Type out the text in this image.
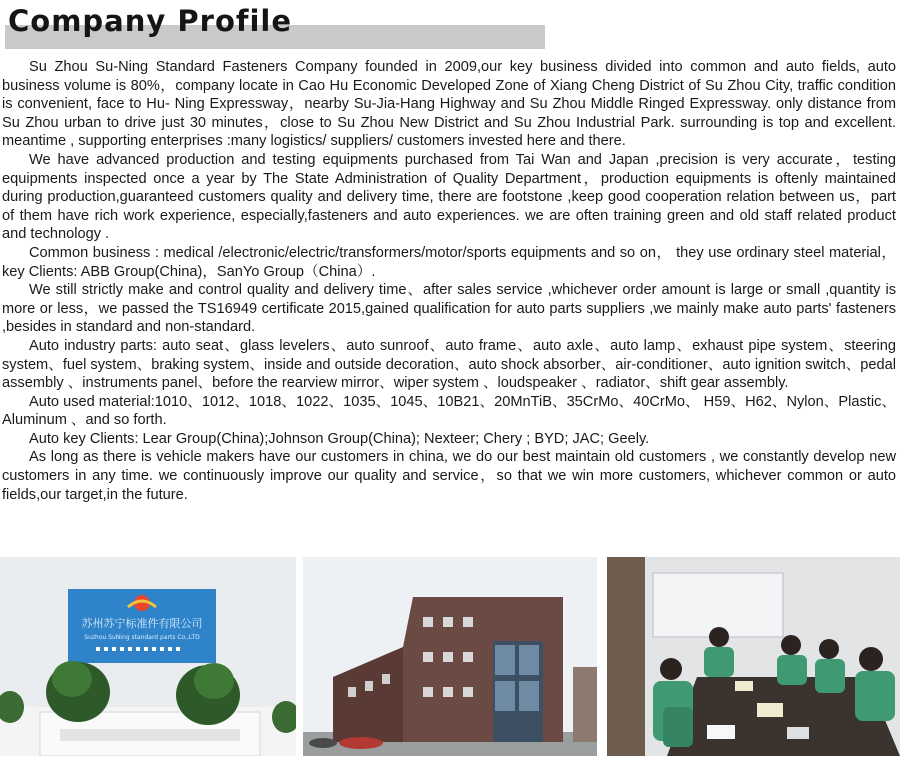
Company Profile

Su Zhou Su-Ning Standard Fasteners Company founded in 2009,our key business divided into common and auto fields, auto business volume is 80%，company locate in Cao Hu Economic Developed Zone of Xiang Cheng District of Su Zhou City, traffic condition is convenient, face to Hu- Ning Expressway，nearby Su-Jia-Hang Highway and Su Zhou Middle Ringed Expressway. only distance from Su Zhou urban to drive just 30 minutes，close to Su Zhou New District and Su Zhou Industrial Park. surrounding is top and excellent. meantime , supporting enterprises :many logistics/ suppliers/ customers invested here and there.

We have advanced production and testing equipments purchased from Tai Wan and Japan ,precision is very accurate，testing equipments inspected once a year by The State Administration of Quality Department，production equipments is oftenly maintained during production,guaranteed customers quality and delivery time, there are footstone ,keep good cooperation relation between us，part of them have rich work experience, especially,fasteners and auto experiences. we are often training green and old staff related product and technology .

Common business : medical /electronic/electric/transformers/motor/sports equipments and so on， they use ordinary steel material，key Clients: ABB Group(China)，SanYo Group（China）.

We still strictly make and control quality and delivery time、after sales service ,whichever order amount is large or small ,quantity is more or less，we passed the TS16949 certificate 2015,gained qualification for auto parts suppliers ,we mainly make auto parts' fasteners ,besides in standard and non-standard.

Auto industry parts: auto seat、glass levelers、auto sunroof、auto frame、auto axle、auto lamp、exhaust pipe system、steering system、fuel system、braking system、inside and outside decoration、auto shock absorber、air-conditioner、auto ignition switch、pedal assembly 、instruments panel、before the rearview mirror、wiper system 、loudspeaker 、radiator、shift gear assembly.

Auto used material:1010、1012、1018、1022、1035、1045、10B21、20MnTiB、35CrMo、40CrMo、 H59、H62、Nylon、Plastic、Aluminum 、and so forth.

Auto key Clients: Lear Group(China);Johnson Group(China); Nexteer; Chery ; BYD; JAC; Geely.

As long as there is vehicle makers have our customers in china, we do our best maintain old customers , we constantly develop new customers in any time. we continuously improve our quality and service，so that we win more customers, whichever common or auto fields,our target,in the future.

苏州苏宁标准件有限公司
Suzhou SuNing standard parts Co.,LTD
